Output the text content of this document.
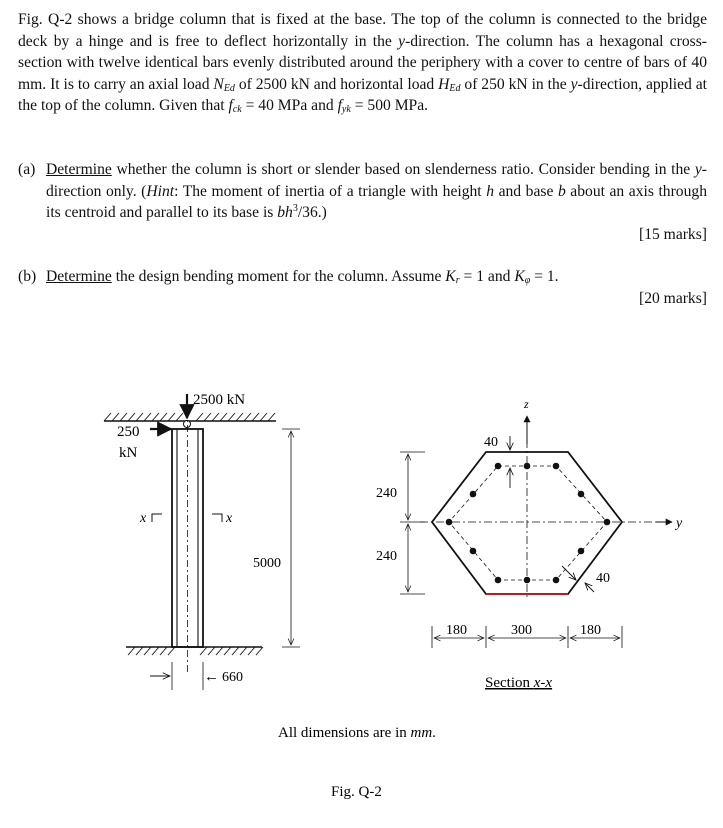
Fig. Q-2 shows a bridge column that is fixed at the base. The top of the column is connected to the bridge deck by a hinge and is free to deflect horizontally in the y-direction. The column has a hexagonal cross-section with twelve identical bars evenly distributed around the periphery with a cover to centre of bars of 40 mm. It is to carry an axial load $N_{Ed}$ of 2500 kN and horizontal load $H_{Ed}$ of 250 kN in the y-direction, applied at the top of the column. Given that $f_{ck} = 40$ MPa and $f_{yk} = 500$ MPa.
(a) Determine whether the column is short or slender based on slenderness ratio. Consider bending in the y-direction only. (Hint: The moment of inertia of a triangle with height h and base b about an axis through its centroid and parallel to its base is $bh^3/36$.)
[15 marks]
(b) Determine the design bending moment for the column. Assume $K_r = 1$ and $K_\varphi = 1$.
[20 marks]
2500 kN
250
kN
x	x
5000
← 660
y
z
40
40
240
240
180	300	180
Section x-x
All dimensions are in mm.
Fig. Q-2
